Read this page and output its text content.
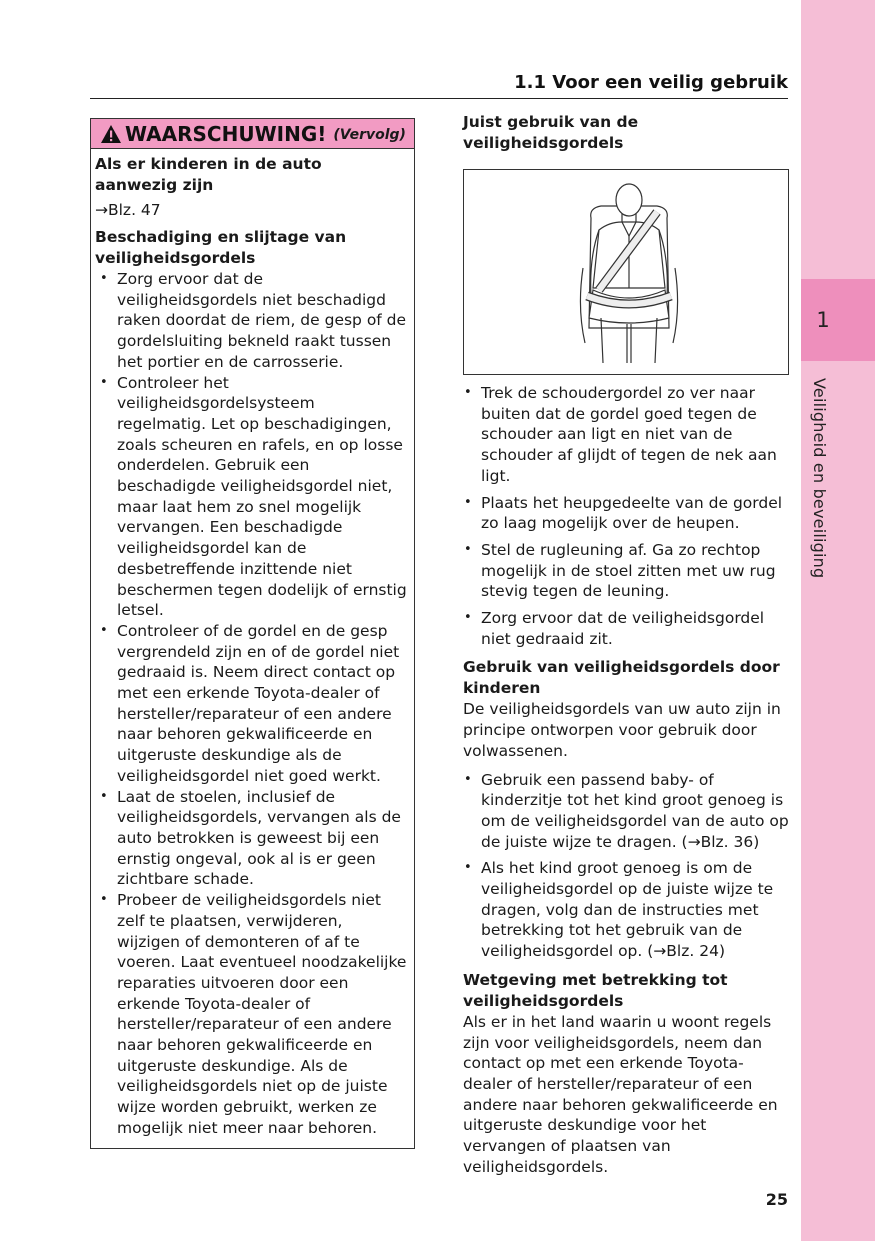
1
Veiligheid en beveiliging
1.1 Voor een veilig gebruik
WAARSCHUWING! (Vervolg)
Als er kinderen in de auto aanwezig zijn
→Blz. 47
Beschadiging en slijtage van veiligheidsgordels
• Zorg ervoor dat de veiligheidsgordels niet beschadigd raken doordat de riem, de gesp of de gordelsluiting bekneld raakt tussen het portier en de carrosserie.
• Controleer het veiligheidsgordelsysteem regelmatig. Let op beschadigingen, zoals scheuren en rafels, en op losse onderdelen. Gebruik een beschadigde veiligheidsgordel niet, maar laat hem zo snel mogelijk vervangen. Een beschadigde veiligheidsgordel kan de desbetreffende inzittende niet beschermen tegen dodelijk of ernstig letsel.
• Controleer of de gordel en de gesp vergrendeld zijn en of de gordel niet gedraaid is. Neem direct contact op met een erkende Toyota-dealer of hersteller/reparateur of een andere naar behoren gekwalificeerde en uitgeruste deskundige als de veiligheidsgordel niet goed werkt.
• Laat de stoelen, inclusief de veiligheidsgordels, vervangen als de auto betrokken is geweest bij een ernstig ongeval, ook al is er geen zichtbare schade.
• Probeer de veiligheidsgordels niet zelf te plaatsen, verwijderen, wijzigen of demonteren of af te voeren. Laat eventueel noodzakelijke reparaties uitvoeren door een erkende Toyota-dealer of hersteller/reparateur of een andere naar behoren gekwalificeerde en uitgeruste deskundige. Als de veiligheidsgordels niet op de juiste wijze worden gebruikt, werken ze mogelijk niet meer naar behoren.
Juist gebruik van de veiligheidsgordels
• Trek de schoudergordel zo ver naar buiten dat de gordel goed tegen de schouder aan ligt en niet van de schouder af glijdt of tegen de nek aan ligt.
• Plaats het heupgedeelte van de gordel zo laag mogelijk over de heupen.
• Stel de rugleuning af. Ga zo rechtop mogelijk in de stoel zitten met uw rug stevig tegen de leuning.
• Zorg ervoor dat de veiligheidsgordel niet gedraaid zit.
Gebruik van veiligheidsgordels door kinderen
De veiligheidsgordels van uw auto zijn in principe ontworpen voor gebruik door volwassenen.
• Gebruik een passend baby- of kinderzitje tot het kind groot genoeg is om de veiligheidsgordel van de auto op de juiste wijze te dragen. (→Blz. 36)
• Als het kind groot genoeg is om de veiligheidsgordel op de juiste wijze te dragen, volg dan de instructies met betrekking tot het gebruik van de veiligheidsgordel op. (→Blz. 24)
Wetgeving met betrekking tot veiligheidsgordels
Als er in het land waarin u woont regels zijn voor veiligheidsgordels, neem dan contact op met een erkende Toyota-dealer of hersteller/reparateur of een andere naar behoren gekwalificeerde en uitgeruste deskundige voor het vervangen of plaatsen van veiligheidsgordels.
25
